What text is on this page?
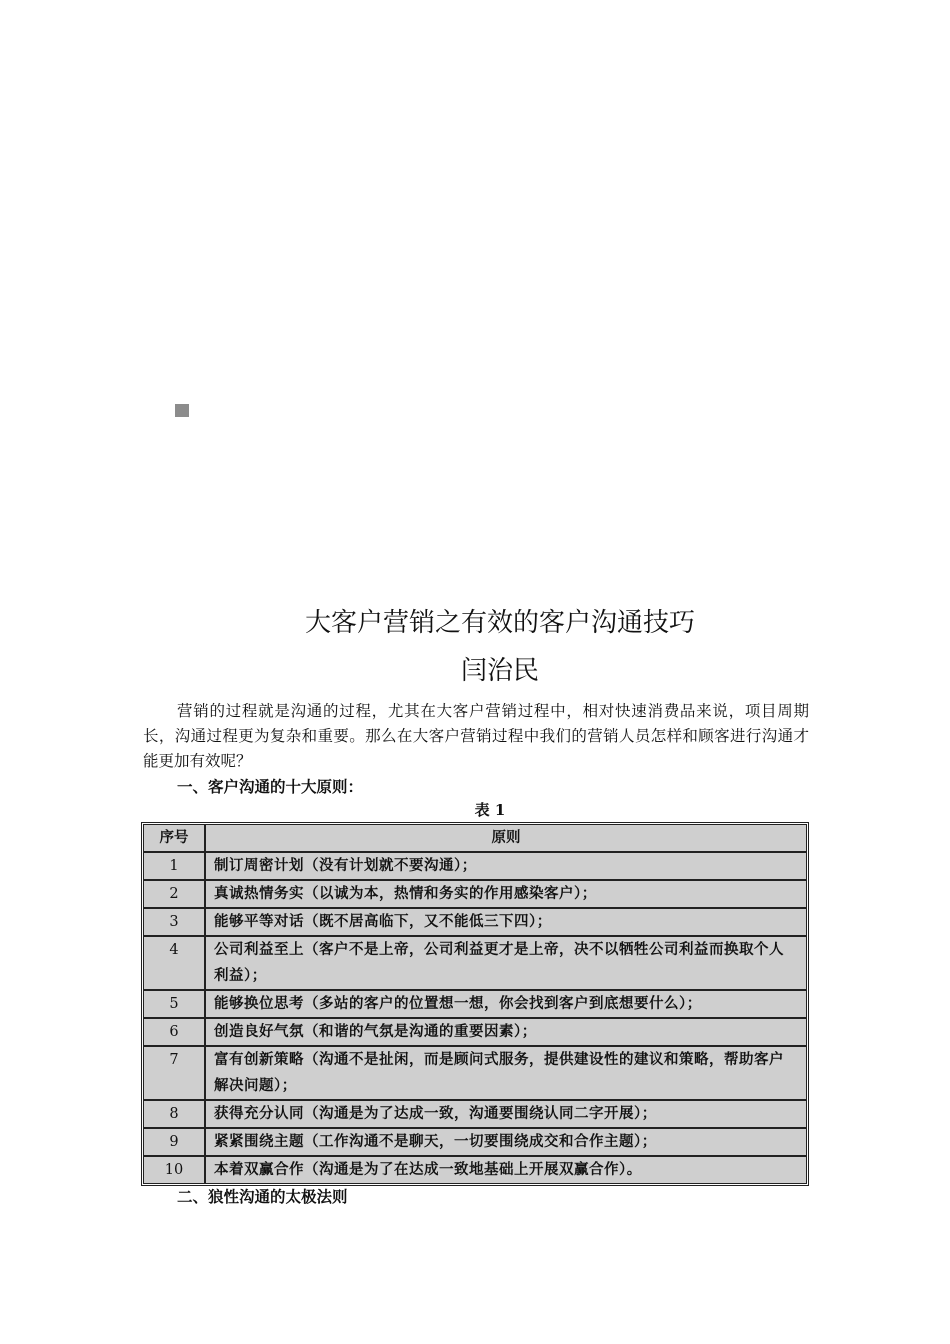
大客户营销之有效的客户沟通技巧
闫治民

营销的过程就是沟通的过程，尤其在大客户营销过程中，相对快速消费品来说，项目周期长，沟通过程更为复杂和重要。那么在大客户营销过程中我们的营销人员怎样和顾客进行沟通才能更加有效呢？

一、客户沟通的十大原则：
表 1
序号	原则
1	制订周密计划（没有计划就不要沟通）；
2	真诚热情务实（以诚为本，热情和务实的作用感染客户）；
3	能够平等对话（既不居高临下，又不能低三下四）；
4	公司利益至上（客户不是上帝，公司利益更才是上帝，决不以牺牲公司利益而换取个人利益）；
5	能够换位思考（多站的客户的位置想一想，你会找到客户到底想要什么）；
6	创造良好气氛（和谐的气氛是沟通的重要因素）；
7	富有创新策略（沟通不是扯闲，而是顾问式服务，提供建设性的建议和策略，帮助客户解决问题）；
8	获得充分认同（沟通是为了达成一致，沟通要围绕认同二字开展）；
9	紧紧围绕主题（工作沟通不是聊天，一切要围绕成交和合作主题）；
10	本着双赢合作（沟通是为了在达成一致地基础上开展双赢合作）。
二、狼性沟通的太极法则
